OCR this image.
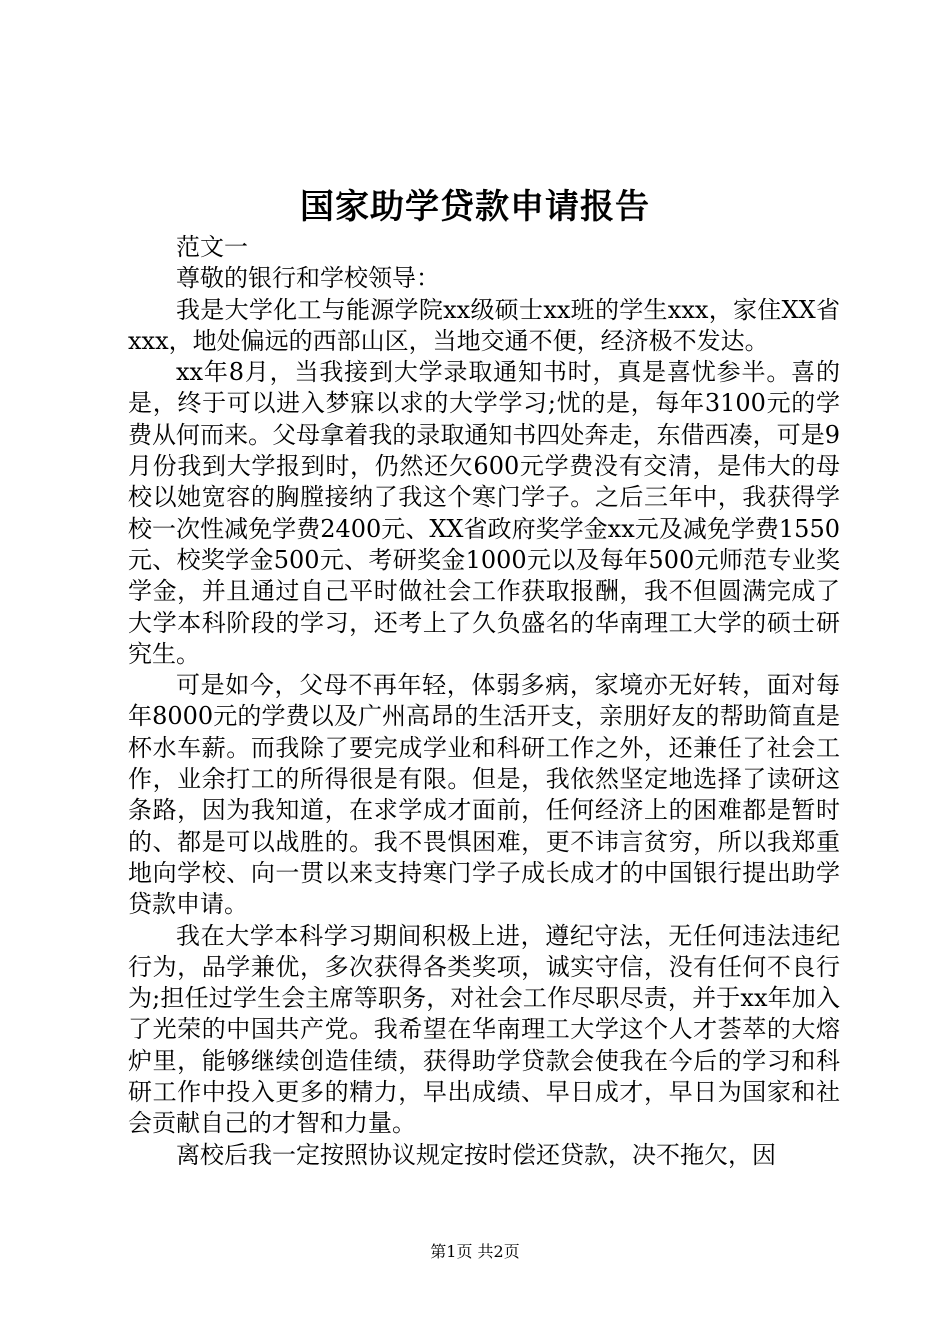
国家助学贷款申请报告

范文一

尊敬的银行和学校领导：

我是大学化工与能源学院xx级硕士xx班的学生xxx，家住XX省xxx，地处偏远的西部山区，当地交通不便，经济极不发达。

xx年8月，当我接到大学录取通知书时，真是喜忧参半。喜的是，终于可以进入梦寐以求的大学学习;忧的是，每年3100元的学费从何而来。父母拿着我的录取通知书四处奔走，东借西凑，可是9月份我到大学报到时，仍然还欠600元学费没有交清，是伟大的母校以她宽容的胸膛接纳了我这个寒门学子。之后三年中，我获得学校一次性减免学费2400元、XX省政府奖学金xx元及减免学费1550元、校奖学金500元、考研奖金1000元以及每年500元师范专业奖学金，并且通过自己平时做社会工作获取报酬，我不但圆满完成了大学本科阶段的学习，还考上了久负盛名的华南理工大学的硕士研究生。

可是如今，父母不再年轻，体弱多病，家境亦无好转，面对每年8000元的学费以及广州高昂的生活开支，亲朋好友的帮助简直是杯水车薪。而我除了要完成学业和科研工作之外，还兼任了社会工作，业余打工的所得很是有限。但是，我依然坚定地选择了读研这条路，因为我知道，在求学成才面前，任何经济上的困难都是暂时的、都是可以战胜的。我不畏惧困难，更不讳言贫穷，所以我郑重地向学校、向一贯以来支持寒门学子成长成才的中国银行提出助学贷款申请。

我在大学本科学习期间积极上进，遵纪守法，无任何违法违纪行为，品学兼优，多次获得各类奖项，诚实守信，没有任何不良行为;担任过学生会主席等职务，对社会工作尽职尽责，并于xx年加入了光荣的中国共产党。我希望在华南理工大学这个人才荟萃的大熔炉里，能够继续创造佳绩，获得助学贷款会使我在今后的学习和科研工作中投入更多的精力，早出成绩、早日成才，早日为国家和社会贡献自己的才智和力量。

离校后我一定按照协议规定按时偿还贷款，决不拖欠，因

第1页 共2页
